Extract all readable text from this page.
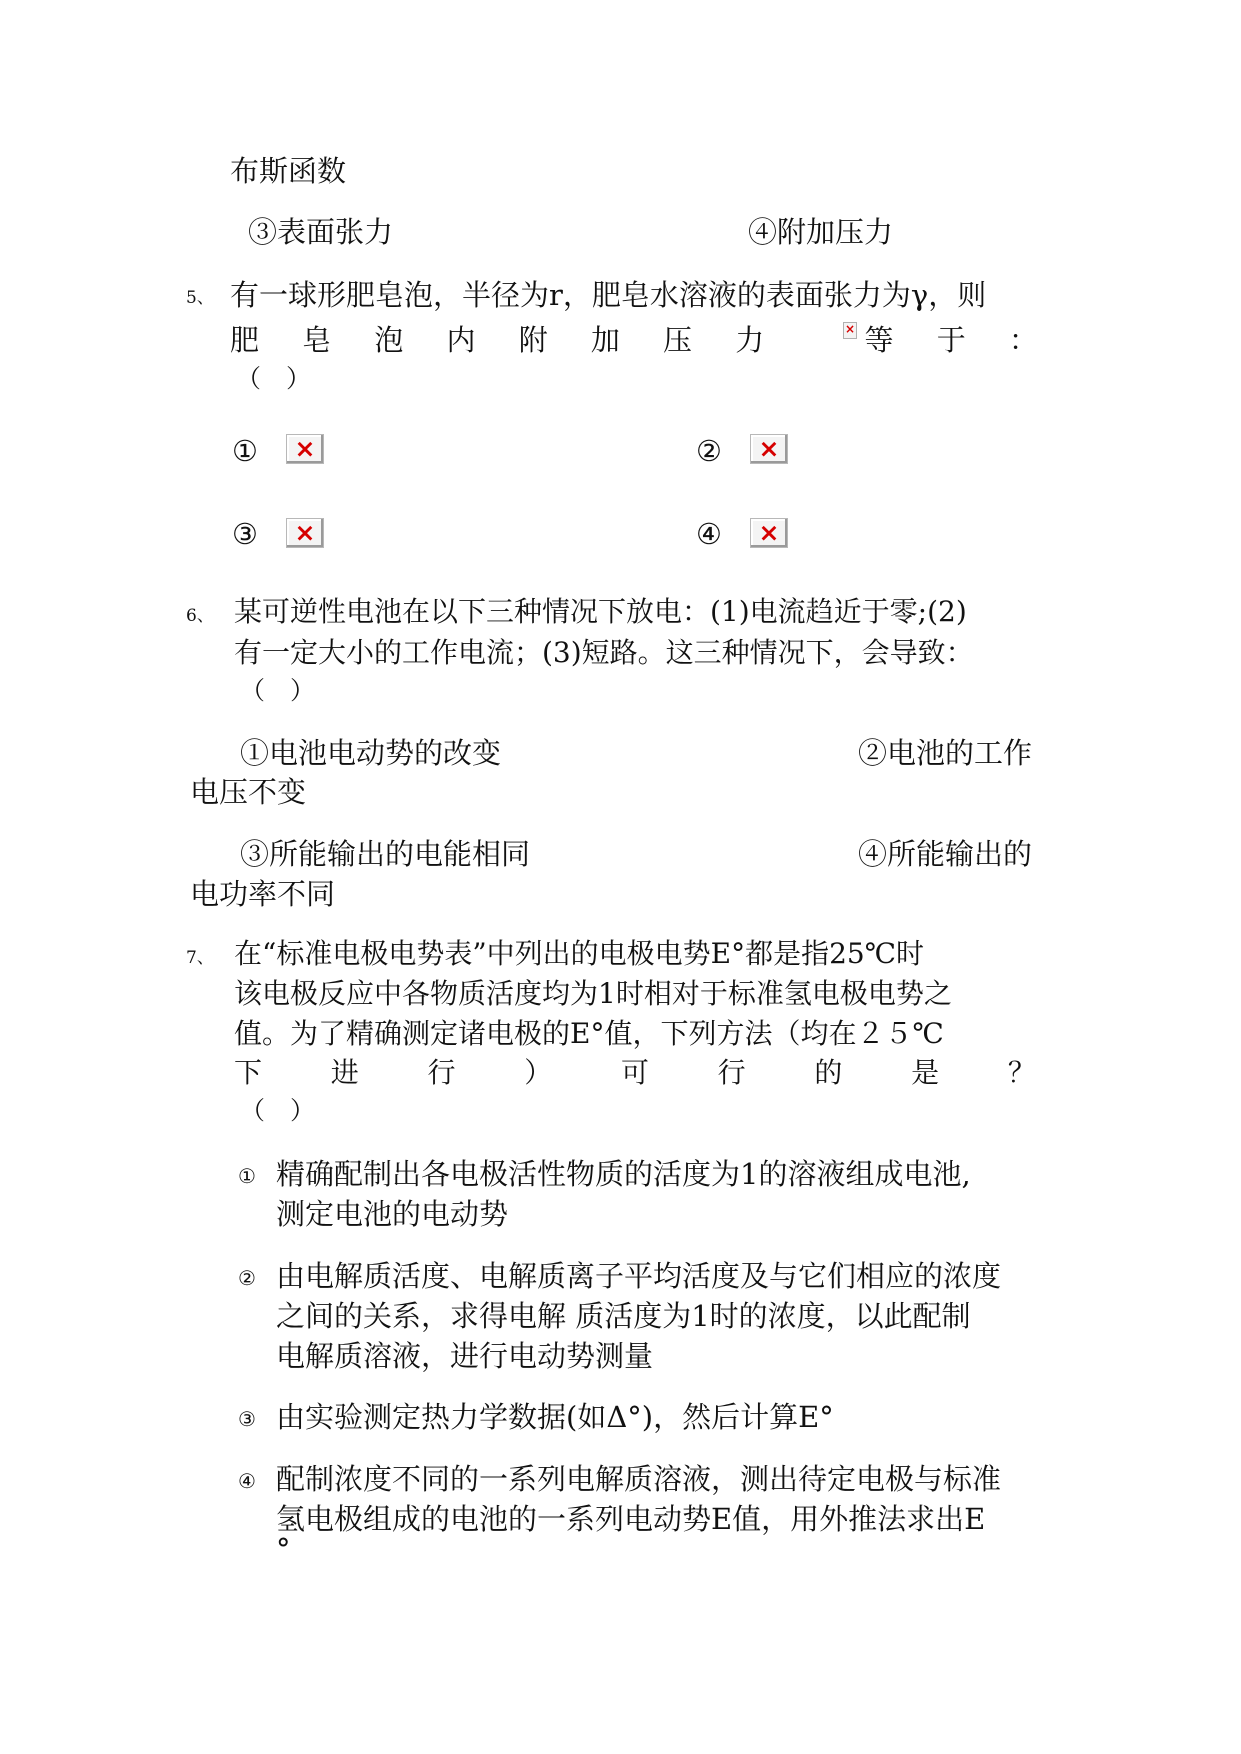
布斯函数
③表面张力	④附加压力
5、 有一球形肥皂泡，半径为r，肥皂水溶液的表面张力为γ，则
肥 皂 泡 内 附 加 压 力	等 于 ：
×
（　）
① ×	②
×
③ ×	④
×
6、 某可逆性电池在以下三种情况下放电：(1)电流趋近于零;(2)
有一定大小的工作电流；(3)短路。这三种情况下，会导致：
（　）
①电池电动势的改变	②电池的工作
电压不变
③所能输出的电能相同	④所能输出的
电功率不同
7、 在“标准电极电势表”中列出的电极电势E°都是指25℃时
该电极反应中各物质活度均为1时相对于标准氢电极电势之
值。为了精确测定诸电极的E°值，下列方法（均在２５℃
下 进 行 ） 可 行 的 是 ？
（　）
① 精确配制出各电极活性物质的活度为1的溶液组成电池,
测定电池的电动势
② 由电解质活度、电解质离子平均活度及与它们相应的浓度
之间的关系，求得电解 质活度为1时的浓度，以此配制
电解质溶液，进行电动势测量
③ 由实验测定热力学数据(如Δ°)，然后计算E°
④ 配制浓度不同的一系列电解质溶液，测出待定电极与标准
氢电极组成的电池的一系列电动势E值，用外推法求出E
°
